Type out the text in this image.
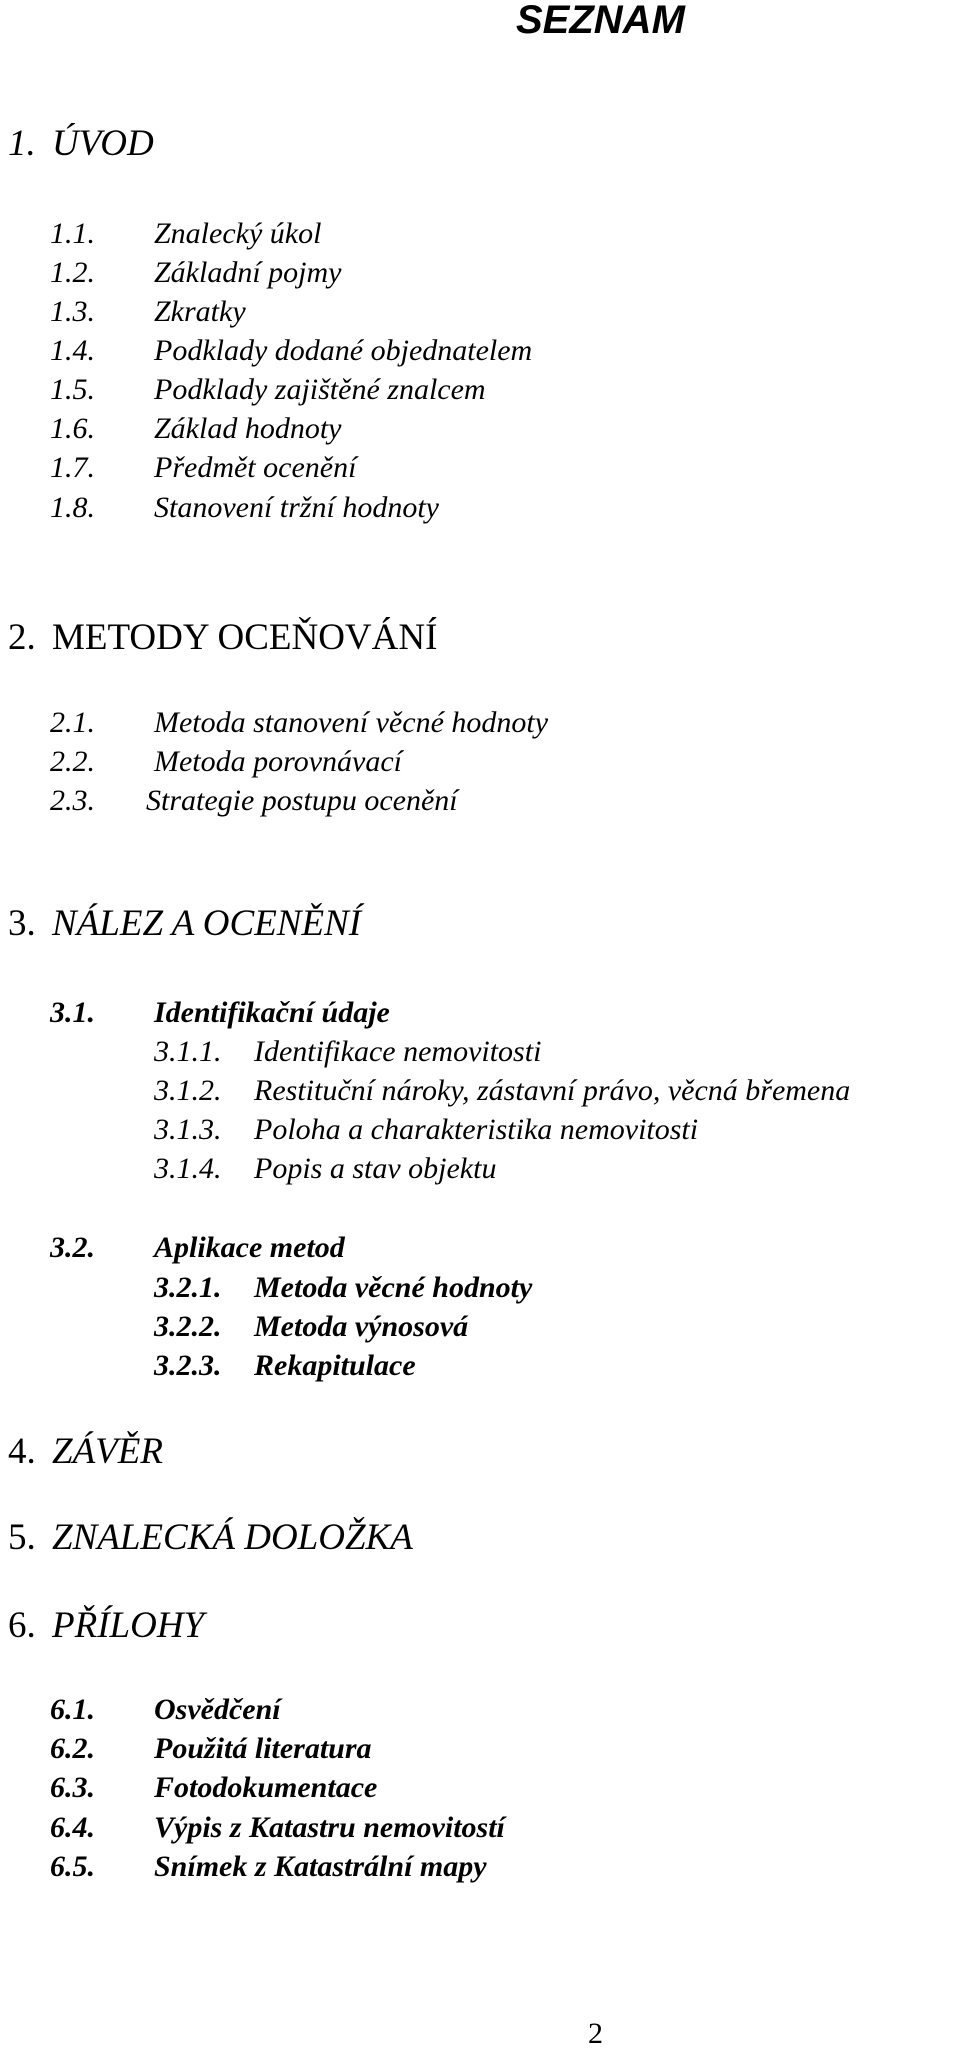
SEZNAM
1. ÚVOD
1.1. Znalecký úkol
1.2. Základní pojmy
1.3. Zkratky
1.4. Podklady dodané objednatelem
1.5. Podklady zajištěné znalcem
1.6. Základ hodnoty
1.7. Předmět ocenění
1.8. Stanovení tržní hodnoty
2. METODY OCEŇOVÁNÍ
2.1. Metoda stanovení věcné hodnoty
2.2. Metoda porovnávací
2.3. Strategie postupu ocenění
3. NÁLEZ A OCENĚNÍ
3.1. Identifikační údaje
3.1.1. Identifikace nemovitosti
3.1.2. Restituční nároky, zástavní právo, věcná břemena
3.1.3. Poloha a charakteristika nemovitosti
3.1.4. Popis a stav objektu
3.2. Aplikace metod
3.2.1. Metoda věcné hodnoty
3.2.2. Metoda výnosová
3.2.3. Rekapitulace
4. ZÁVĚR
5. ZNALECKÁ DOLOŽKA
6. PŘÍLOHY
6.1. Osvědčení
6.2. Použitá literatura
6.3. Fotodokumentace
6.4. Výpis z Katastru nemovitostí
6.5. Snímek z Katastrální mapy
2
